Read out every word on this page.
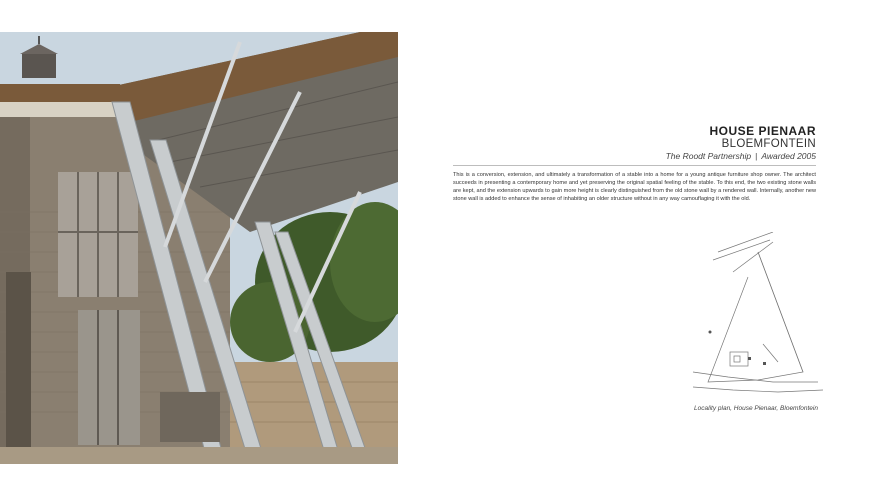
HOUSE PIENAAR
BLOEMFONTEIN
The Roodt Partnership | Awarded 2005
This is a conversion, extension, and ultimately a transformation of a stable into a home for a young antique furniture shop owner. The architect succeeds in presenting a contemporary home and yet preserving the original spatial feeling of the stable. To this end, the two existing stone walls are kept, and the extension upwards to gain more height is clearly distinguished from the old stone wall by a rendered wall. Internally, another new stone wall is added to enhance the sense of inhabiting an older structure without in any way camouflaging it with the old.
Locality plan, House Pienaar, Bloemfontein
